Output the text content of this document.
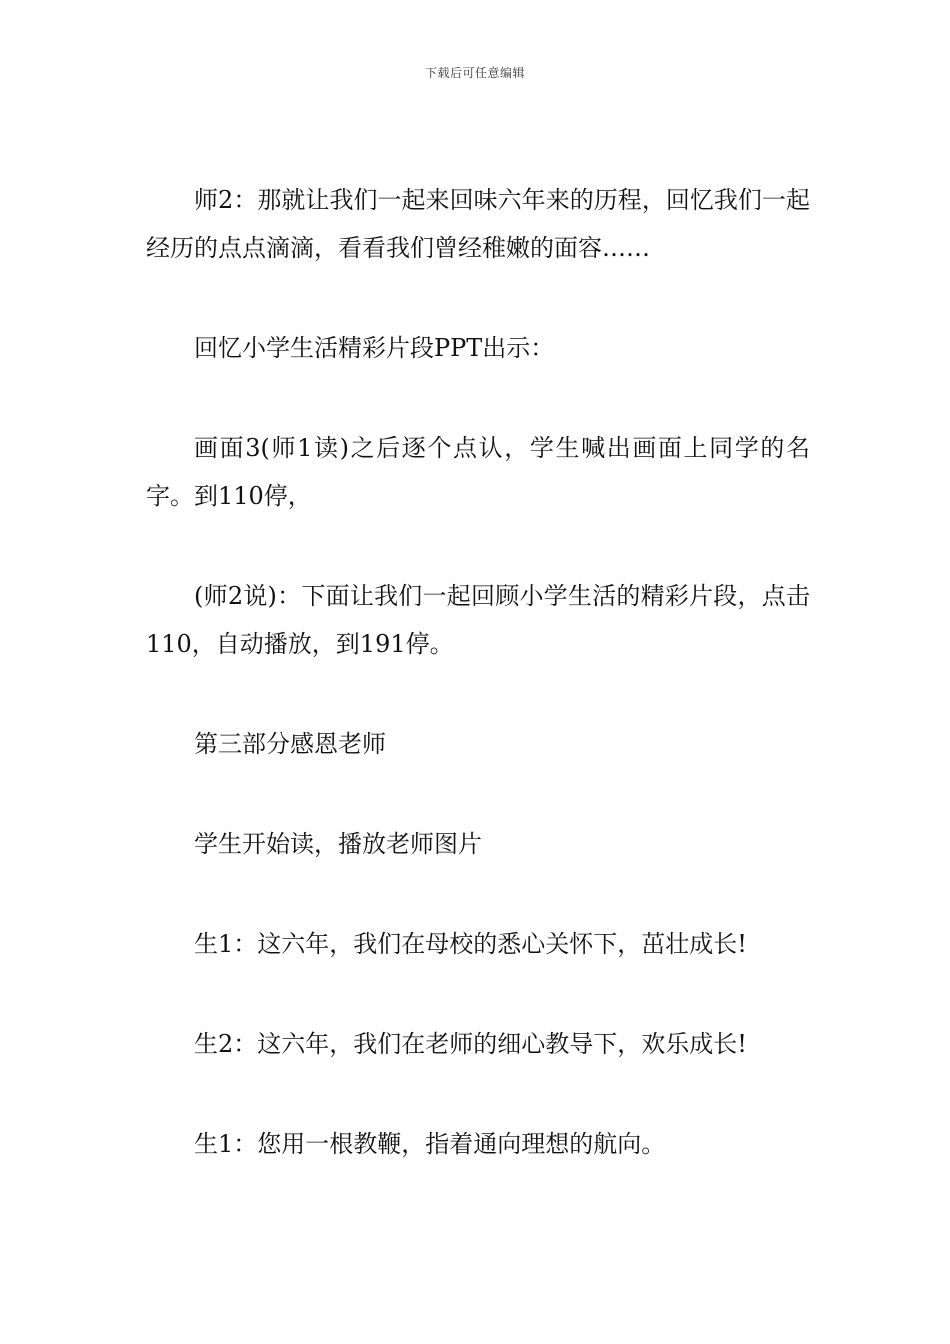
下载后可任意编辑

师2：那就让我们一起来回味六年来的历程，回忆我们一起经历的点点滴滴，看看我们曾经稚嫩的面容……

回忆小学生活精彩片段PPT出示：

画面3(师1读)之后逐个点认，学生喊出画面上同学的名字。到110停，

(师2说)：下面让我们一起回顾小学生活的精彩片段，点击110，自动播放，到191停。

第三部分感恩老师

学生开始读，播放老师图片

生1：这六年，我们在母校的悉心关怀下，茁壮成长!

生2：这六年，我们在老师的细心教导下，欢乐成长!

生1：您用一根教鞭，指着通向理想的航向。
